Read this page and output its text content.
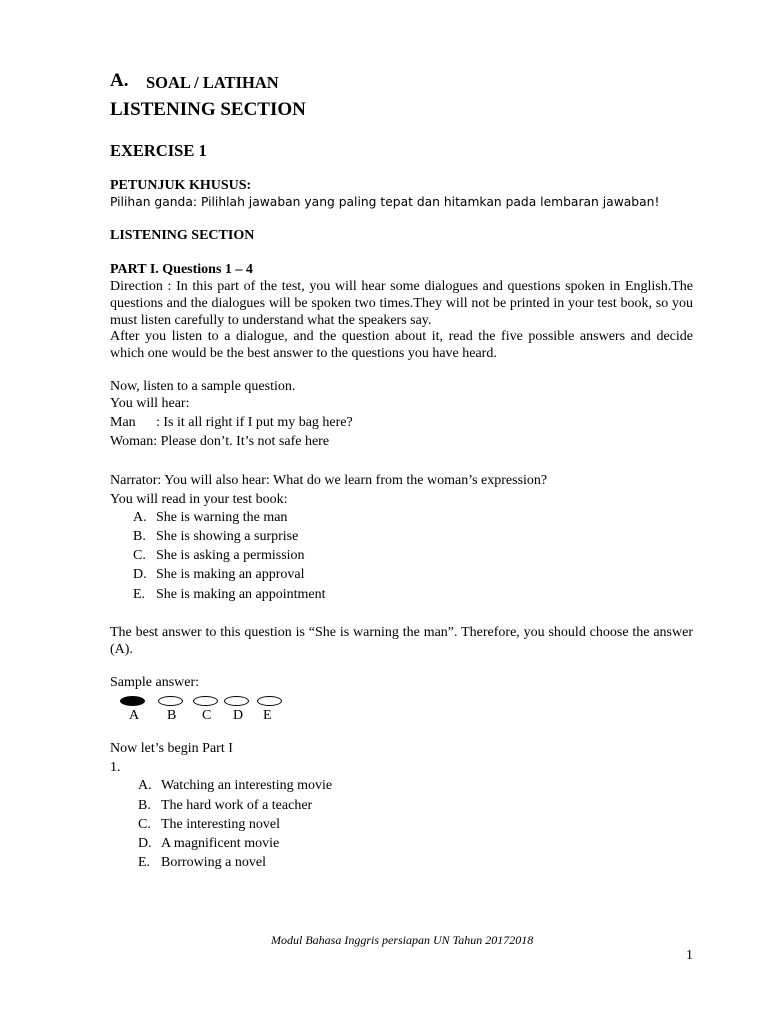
A. SOAL / LATIHAN
LISTENING SECTION
EXERCISE 1
PETUNJUK KHUSUS:
Pilihan ganda: Pilihlah jawaban yang paling tepat dan hitamkan pada lembaran jawaban!
LISTENING SECTION
PART I. Questions 1 – 4
Direction : In this part of the test, you will hear some dialogues and questions spoken in English.The questions and the dialogues will be spoken two times.They will not be printed in your test book, so you must listen carefully to understand what the speakers say.
After you listen to a dialogue, and the question about it, read the five possible answers and decide which one would be the best answer to the questions you have heard.
Now, listen to a sample question.
You will hear:
Man : Is it all right if I put my bag here?
Woman: Please don’t. It’s not safe here
Narrator: You will also hear: What do we learn from the woman’s expression?
You will read in your test book:
A. She is warning the man
B. She is showing a surprise
C. She is asking a permission
D. She is making an approval
E. She is making an appointment
The best answer to this question is “She is warning the man”. Therefore, you should choose the answer (A).
Sample answer:
A B C D E
Now let’s begin Part I
1.
A. Watching an interesting movie
B. The hard work of a teacher
C. The interesting novel
D. A magnificent movie
E. Borrowing a novel
Modul Bahasa Inggris persiapan UN Tahun 20172018
1
